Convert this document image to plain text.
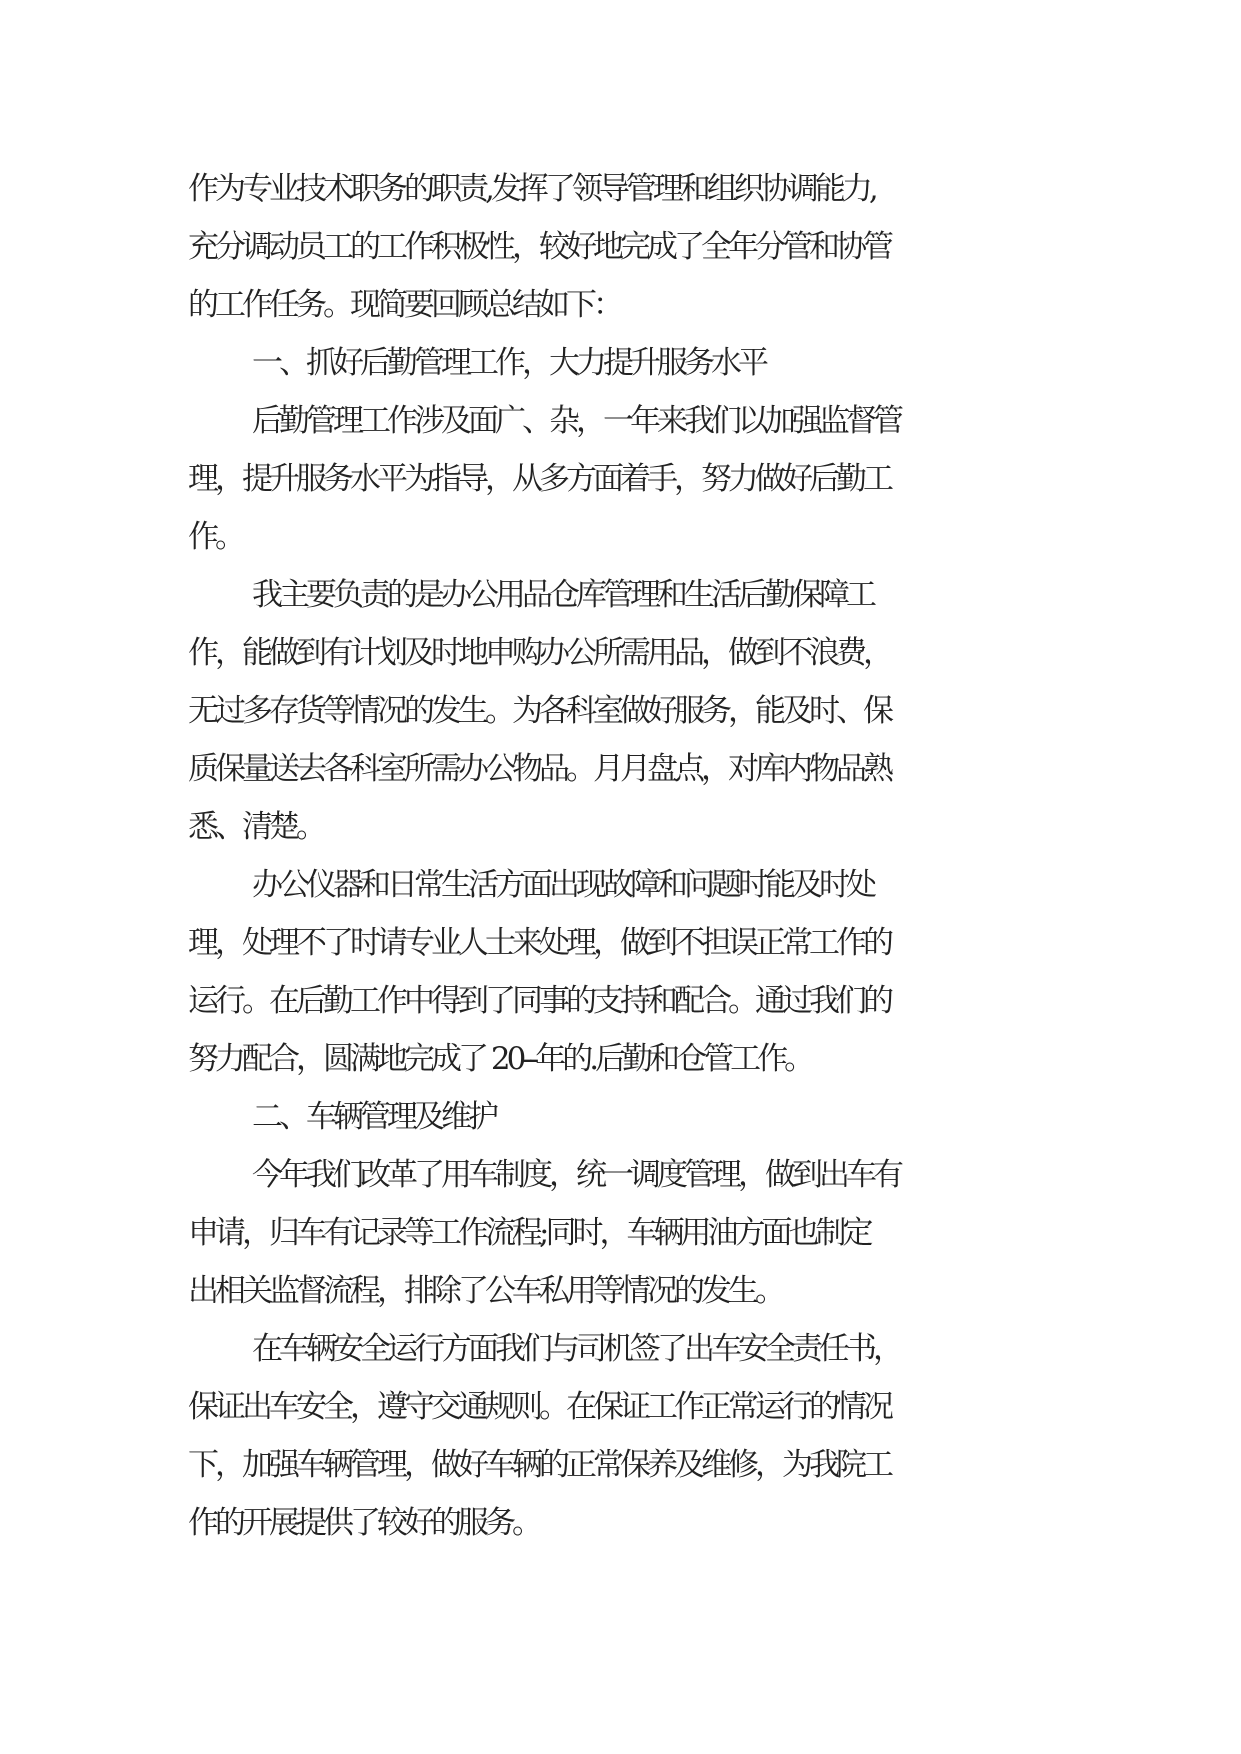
作为专业技术职务的职责,发挥了领导管理和组织协调能力,
充分调动员工的工作积极性，较好地完成了全年分管和协管
的工作任务。现简要回顾总结如下：
一、抓好后勤管理工作，大力提升服务水平
后勤管理工作涉及面广、杂，一年来我们以加强监督管
理，提升服务水平为指导，从多方面着手，努力做好后勤工
作。
我主要负责的是办公用品仓库管理和生活后勤保障工
作，能做到有计划及时地申购办公所需用品，做到不浪费，
无过多存货等情况的发生。为各科室做好服务，能及时、保
质保量送去各科室所需办公物品。月月盘点，对库内物品熟
悉、清楚。
办公仪器和日常生活方面出现故障和问题时能及时处
理，处理不了时请专业人士来处理，做到不担误正常工作的
运行。在后勤工作中得到了同事的支持和配合。通过我们的
努力配合，圆满地完成了 20--年的.后勤和仓管工作。
二、车辆管理及维护
今年我们改革了用车制度，统一调度管理，做到出车有
申请，归车有记录等工作流程;同时，车辆用油方面也制定
出相关监督流程，排除了公车私用等情况的发生。
在车辆安全运行方面我们与司机签了出车安全责任书，
保证出车安全，遵守交通规则。在保证工作正常运行的情况
下，加强车辆管理，做好车辆的正常保养及维修，为我院工
作的开展提供了较好的服务。
